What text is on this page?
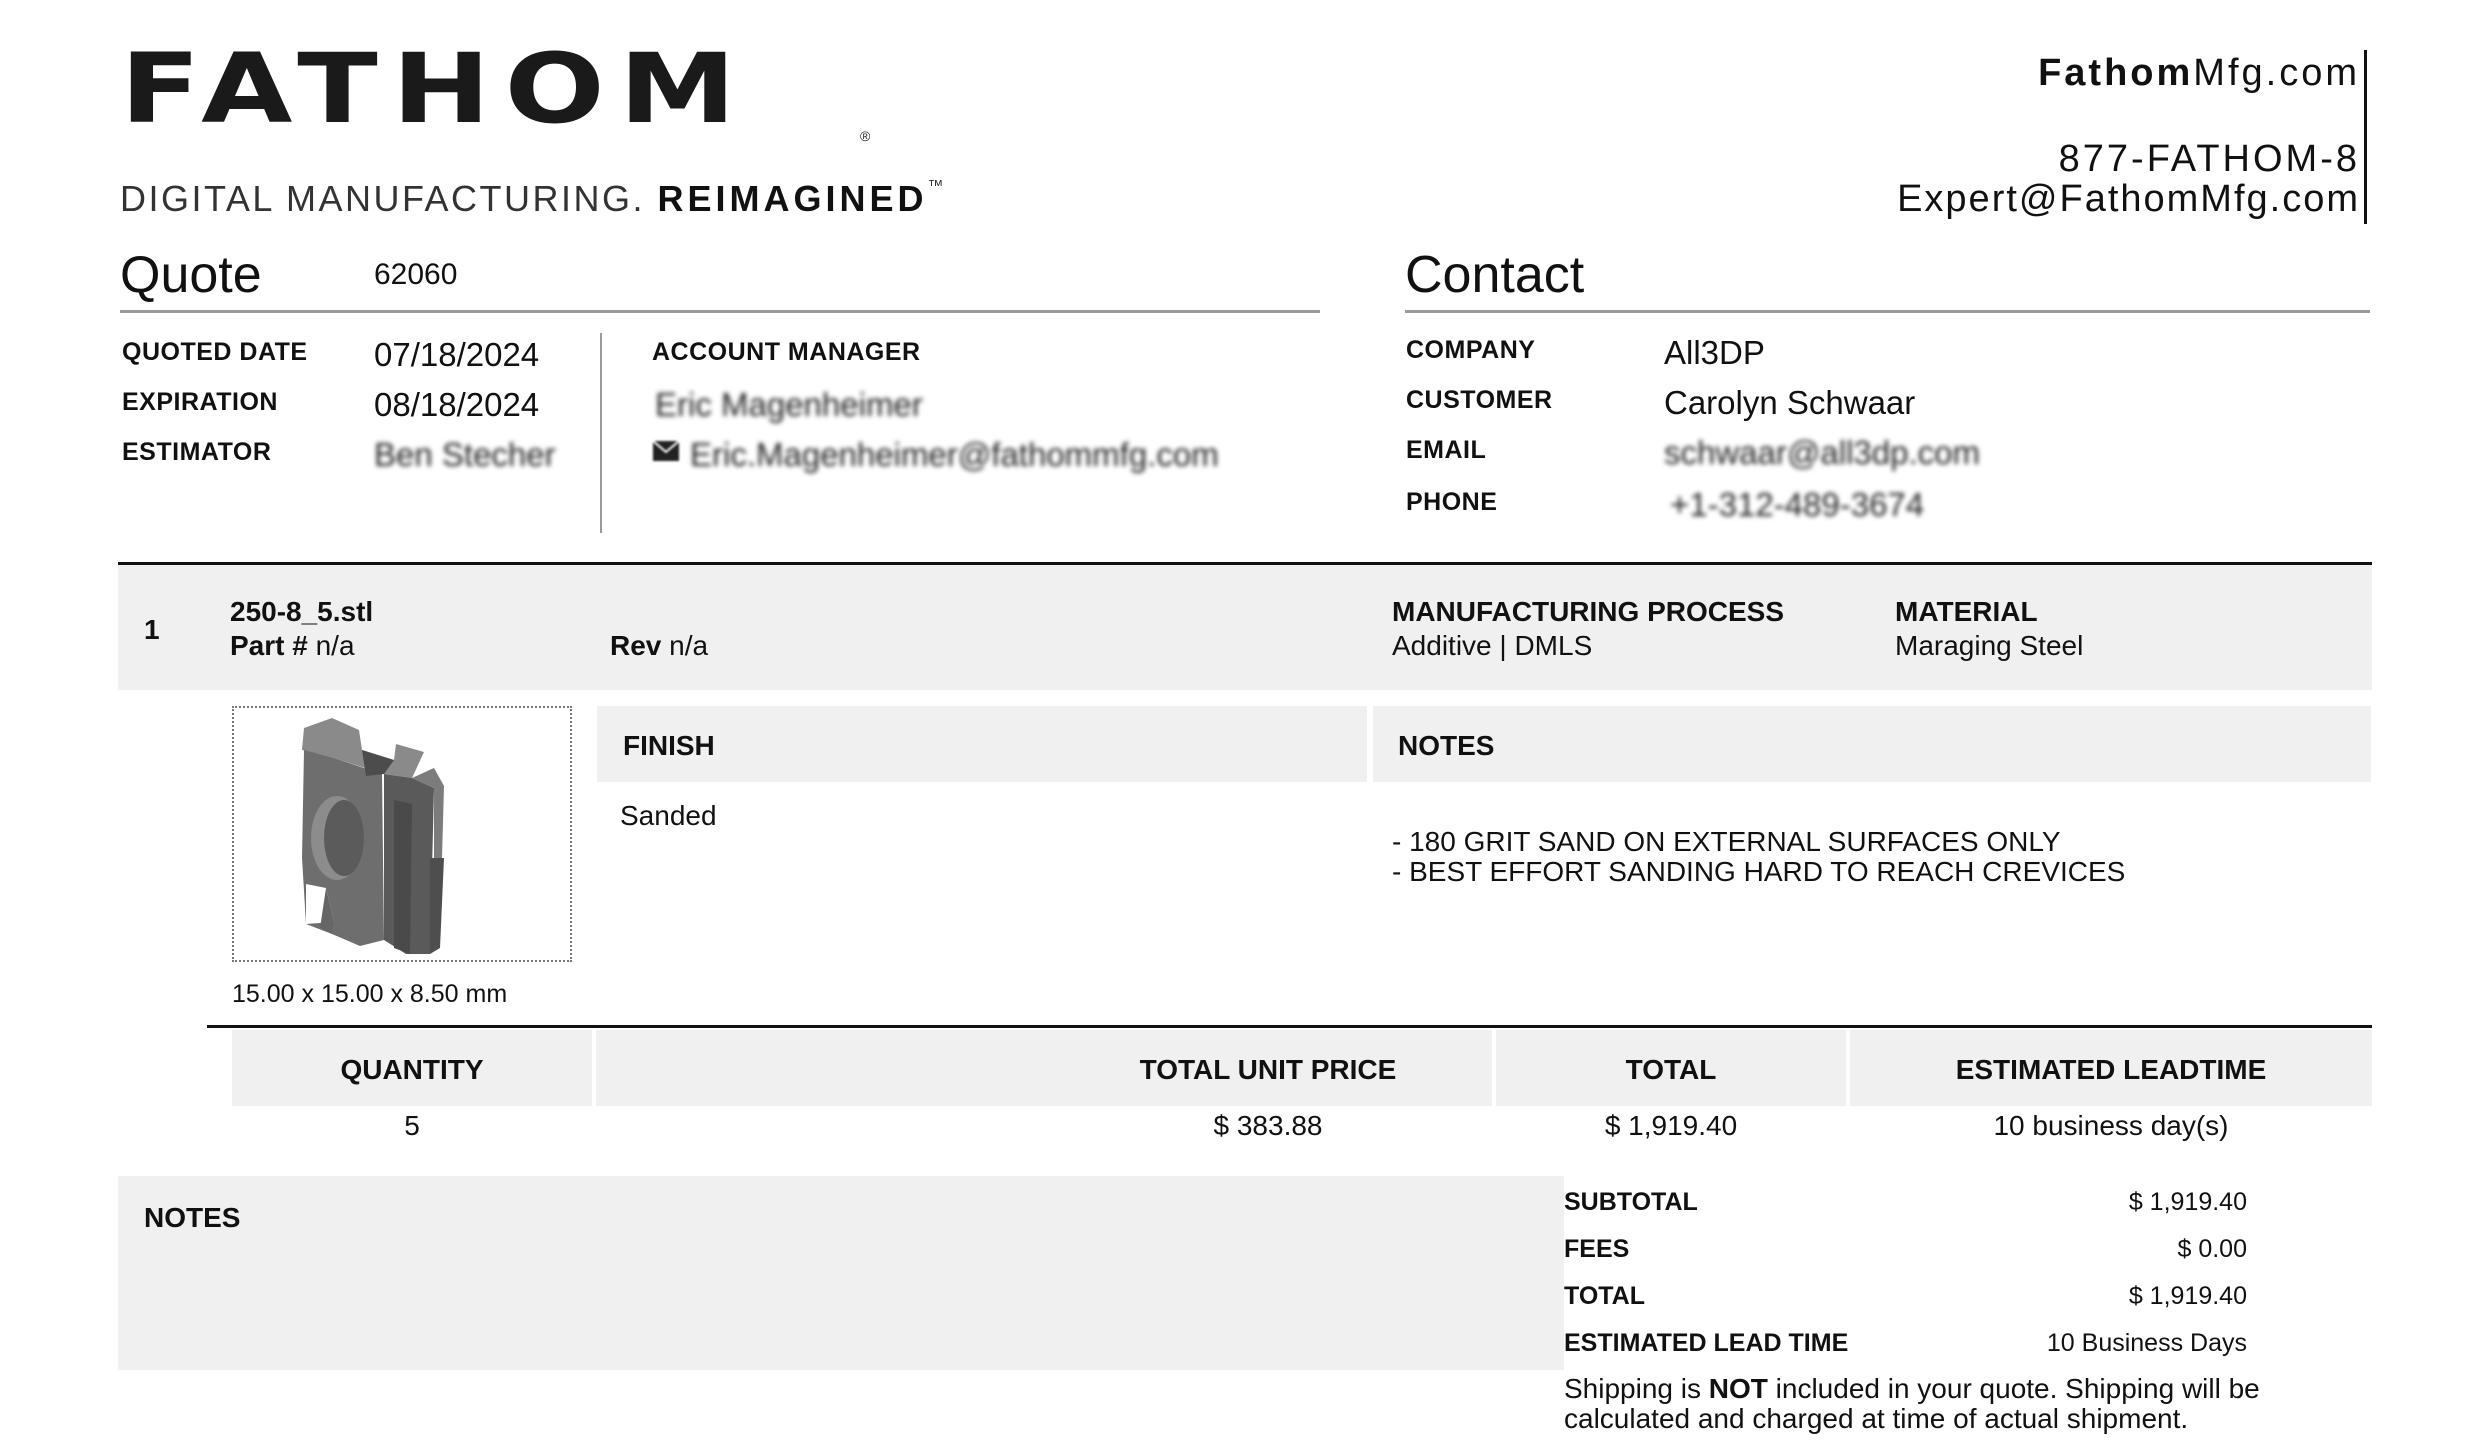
FATHOM	®
DIGITAL MANUFACTURING. REIMAGINED™
FathomMfg.com
877-FATHOM-8
Expert@FathomMfg.com
Quote	62060
QUOTED DATE 07/18/2024
EXPIRATION	08/18/2024
ESTIMATOR	Ben Stecher
ACCOUNT MANAGER
Eric Magenheimer
Eric.Magenheimer@fathommfg.com
Contact
COMPANY	All3DP
CUSTOMER	Carolyn Schwaar
EMAIL	schwaar@all3dp.com
PHONE	+1-312-489-3674
1
250-8_5.stl
Part # n/a	Rev n/a
MANUFACTURING PROCESS
Additive | DMLS
MATERIAL
Maraging Steel
15.00 x 15.00 x 8.50 mm
FINISH
Sanded
NOTES
- 180 GRIT SAND ON EXTERNAL SURFACES ONLY
- BEST EFFORT SANDING HARD TO REACH CREVICES
QUANTITY	TOTAL UNIT PRICE	TOTAL	ESTIMATED LEADTIME
5	$ 383.88	$ 1,919.40	10 business day(s)
NOTES	SUBTOTAL	$ 1,919.40
FEES	$ 0.00
TOTAL	$ 1,919.40
ESTIMATED LEAD TIME	10 Business Days
Shipping is NOT included in your quote. Shipping will be
calculated and charged at time of actual shipment.
